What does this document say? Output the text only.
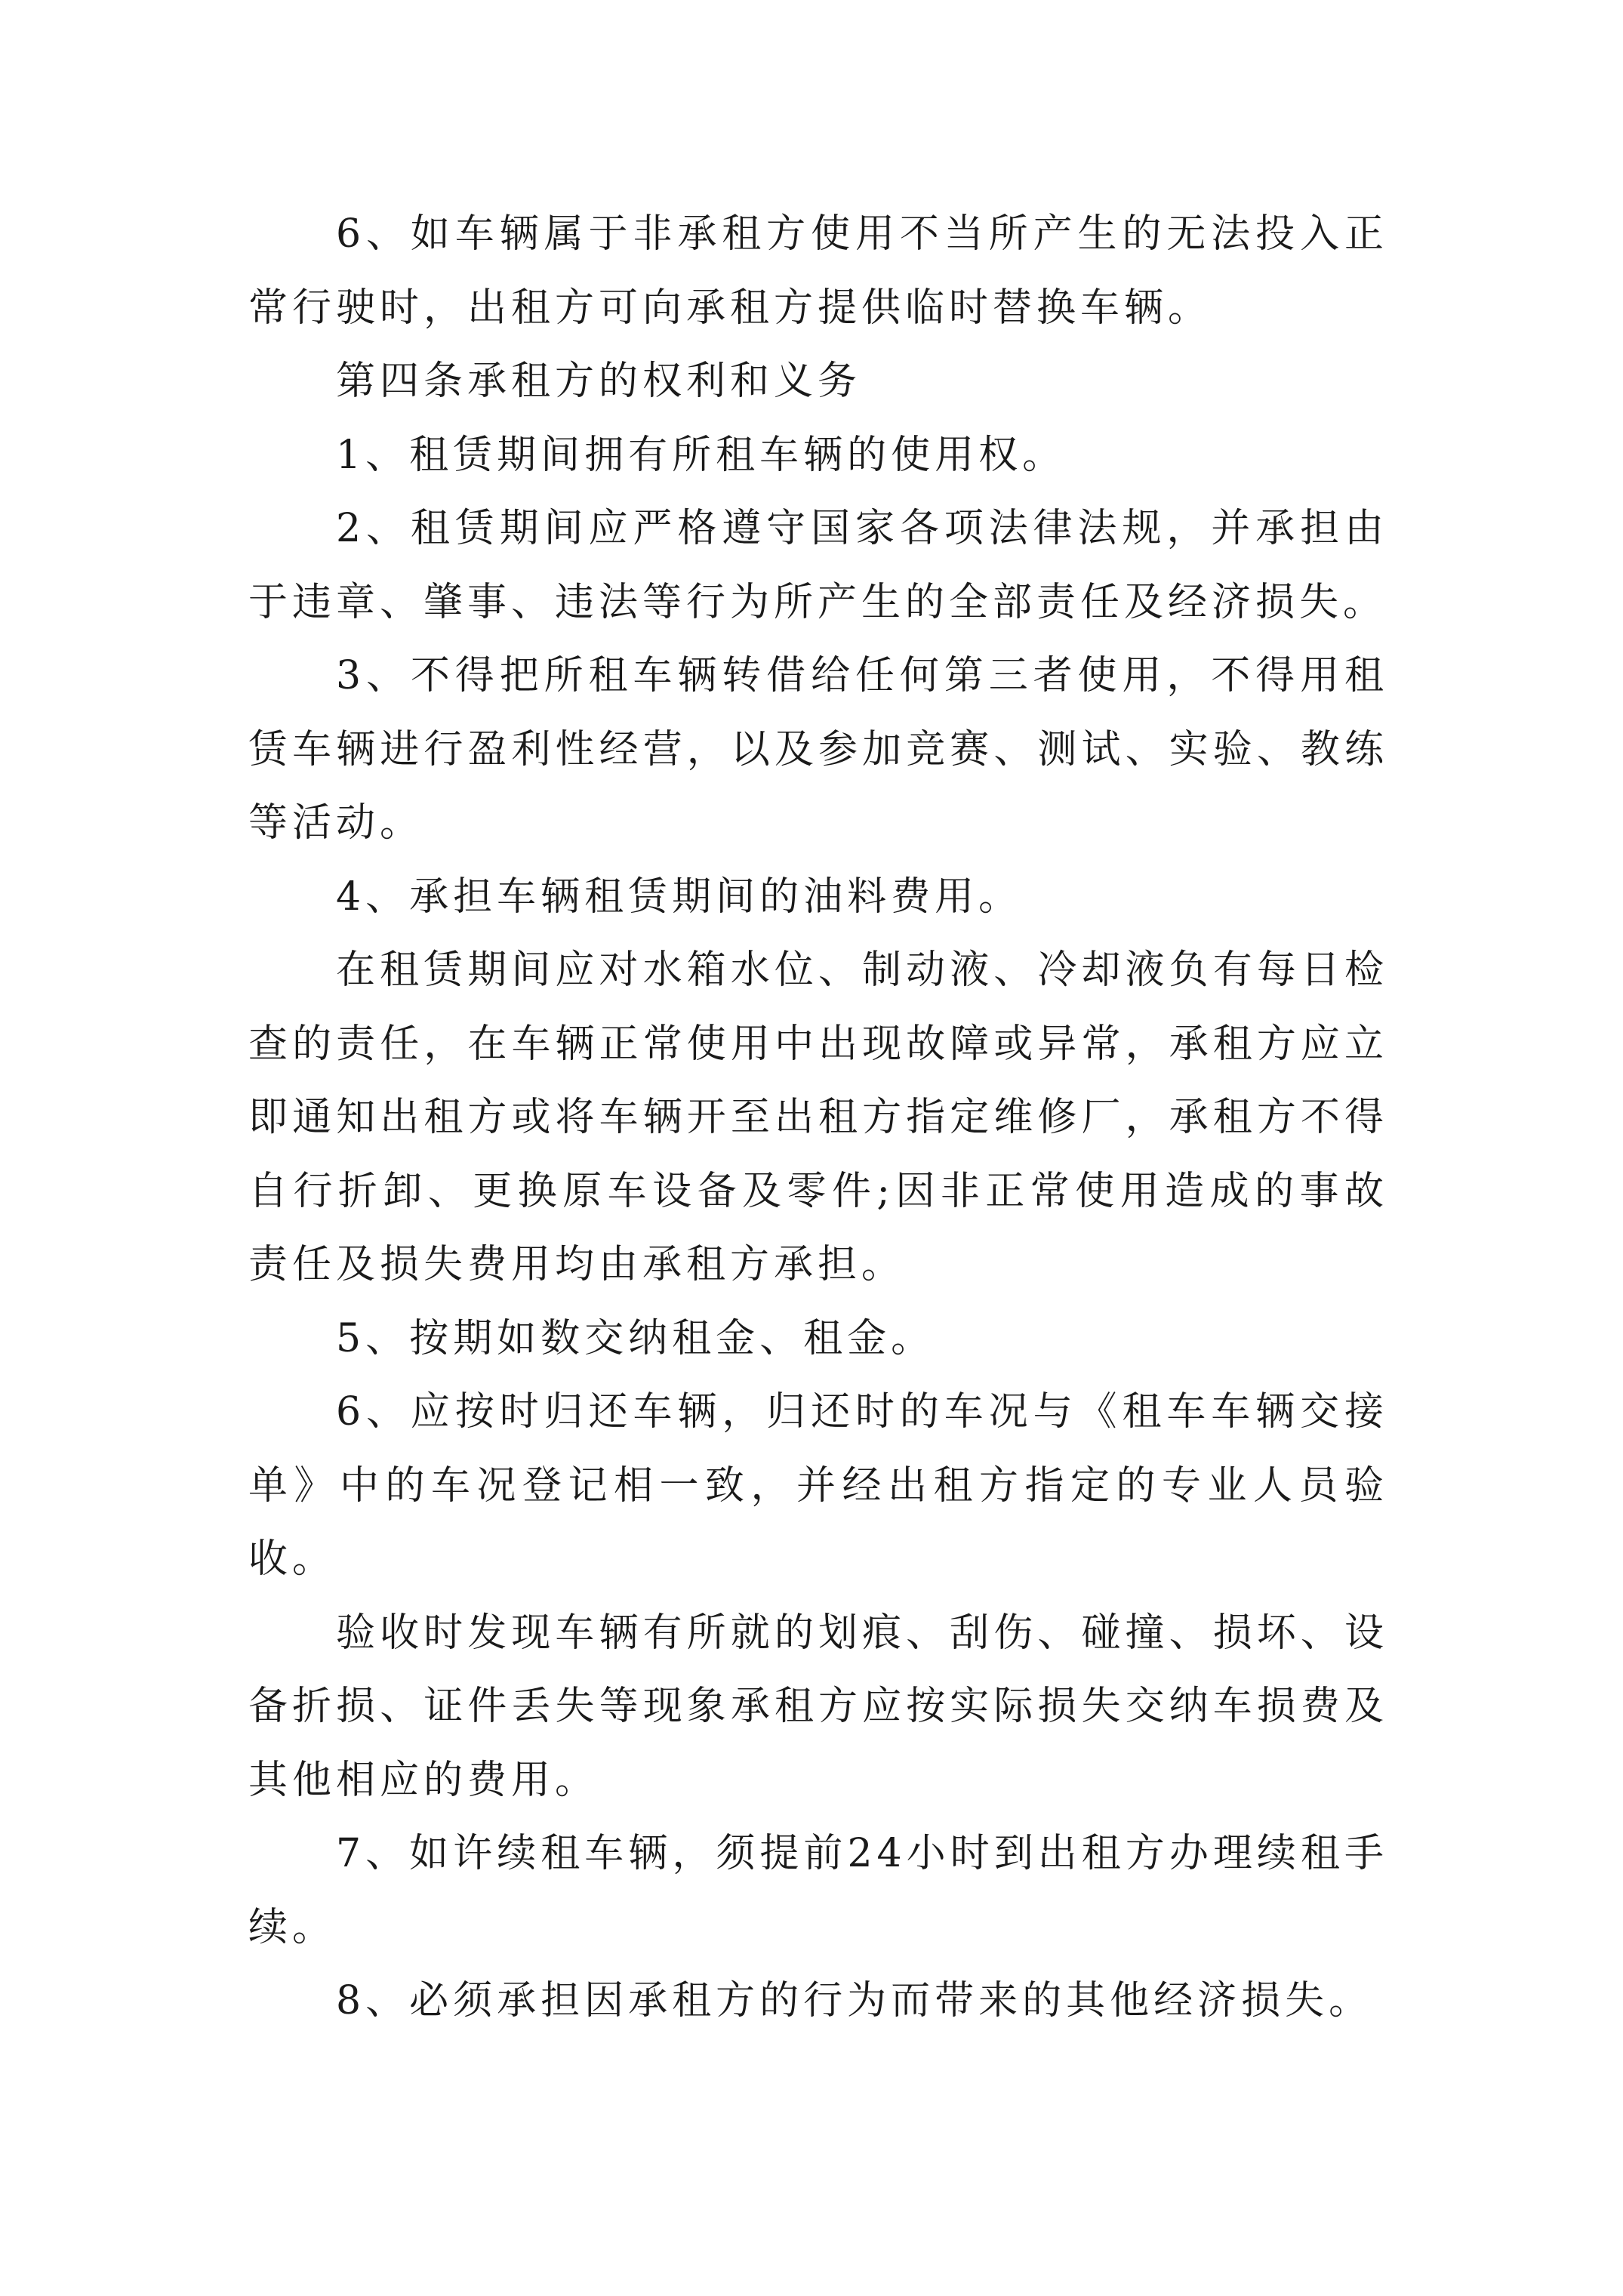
6、如车辆属于非承租方使用不当所产生的无法投入正常行驶时，出租方可向承租方提供临时替换车辆。

第四条承租方的权利和义务

1、租赁期间拥有所租车辆的使用权。

2、租赁期间应严格遵守国家各项法律法规，并承担由于违章、肇事、违法等行为所产生的全部责任及经济损失。

3、不得把所租车辆转借给任何第三者使用，不得用租赁车辆进行盈利性经营，以及参加竞赛、测试、实验、教练等活动。

4、承担车辆租赁期间的油料费用。

在租赁期间应对水箱水位、制动液、冷却液负有每日检查的责任，在车辆正常使用中出现故障或异常，承租方应立即通知出租方或将车辆开至出租方指定维修厂，承租方不得自行折卸、更换原车设备及零件;因非正常使用造成的事故责任及损失费用均由承租方承担。

5、按期如数交纳租金、租金。

6、应按时归还车辆，归还时的车况与《租车车辆交接单》中的车况登记相一致，并经出租方指定的专业人员验收。

验收时发现车辆有所就的划痕、刮伤、碰撞、损坏、设备折损、证件丢失等现象承租方应按实际损失交纳车损费及其他相应的费用。

7、如许续租车辆，须提前24小时到出租方办理续租手续。

8、必须承担因承租方的行为而带来的其他经济损失。
